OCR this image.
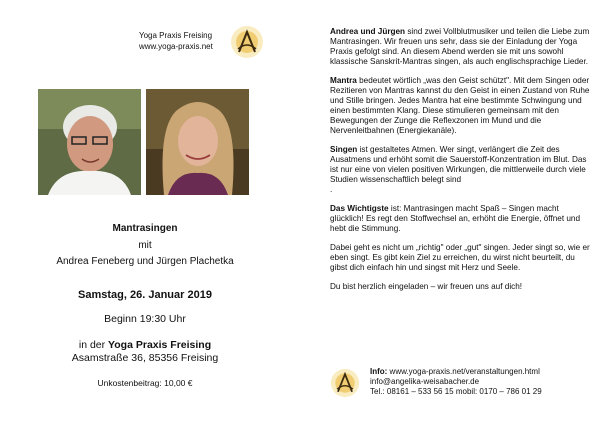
Yoga Praxis Freising
www.yoga-praxis.net
Mantrasingen
mit
Andrea Feneberg und Jürgen Plachetka
Samstag, 26. Januar 2019
Beginn 19:30 Uhr
in der Yoga Praxis Freising
Asamstraße 36, 85356 Freising
Unkostenbeitrag: 10,00 €

Andrea und Jürgen sind zwei Vollblutmusiker und teilen die Liebe zum Mantrasingen. Wir freuen uns sehr, dass sie der Einladung der Yoga Praxis gefolgt sind. An diesem Abend werden sie mit uns sowohl klassische Sanskrit-Mantras singen, als auch englischsprachige Lieder.

Mantra bedeutet wörtlich „was den Geist schützt". Mit dem Singen oder Rezitieren von Mantras kannst du den Geist in einen Zustand von Ruhe und Stille bringen. Jedes Mantra hat eine bestimmte Schwingung und einen bestimmten Klang. Diese stimulieren gemeinsam mit den Bewegungen der Zunge die Reflexzonen im Mund und die Nervenleitbahnen (Energiekanäle).

Singen ist gestaltetes Atmen. Wer singt, verlängert die Zeit des Ausatmens und erhöht somit die Sauerstoff-Konzentration im Blut. Das ist nur eine von vielen positiven Wirkungen, die mittlerweile durch viele Studien wissenschaftlich belegt sind
.

Das Wichtigste ist: Mantrasingen macht Spaß – Singen macht glücklich! Es regt den Stoffwechsel an, erhöht die Energie, öffnet und hebt die Stimmung.

Dabei geht es nicht um „richtig" oder „gut" singen. Jeder singt so, wie er eben singt. Es gibt kein Ziel zu erreichen, du wirst nicht beurteilt, du gibst dich einfach hin und singst mit Herz und Seele.

Du bist herzlich eingeladen – wir freuen uns auf dich!

Info: www.yoga-praxis.net/veranstaltungen.html
info@angelika-weisabacher.de
Tel.: 08161 – 533 56 15 mobil: 0170 – 786 01 29
